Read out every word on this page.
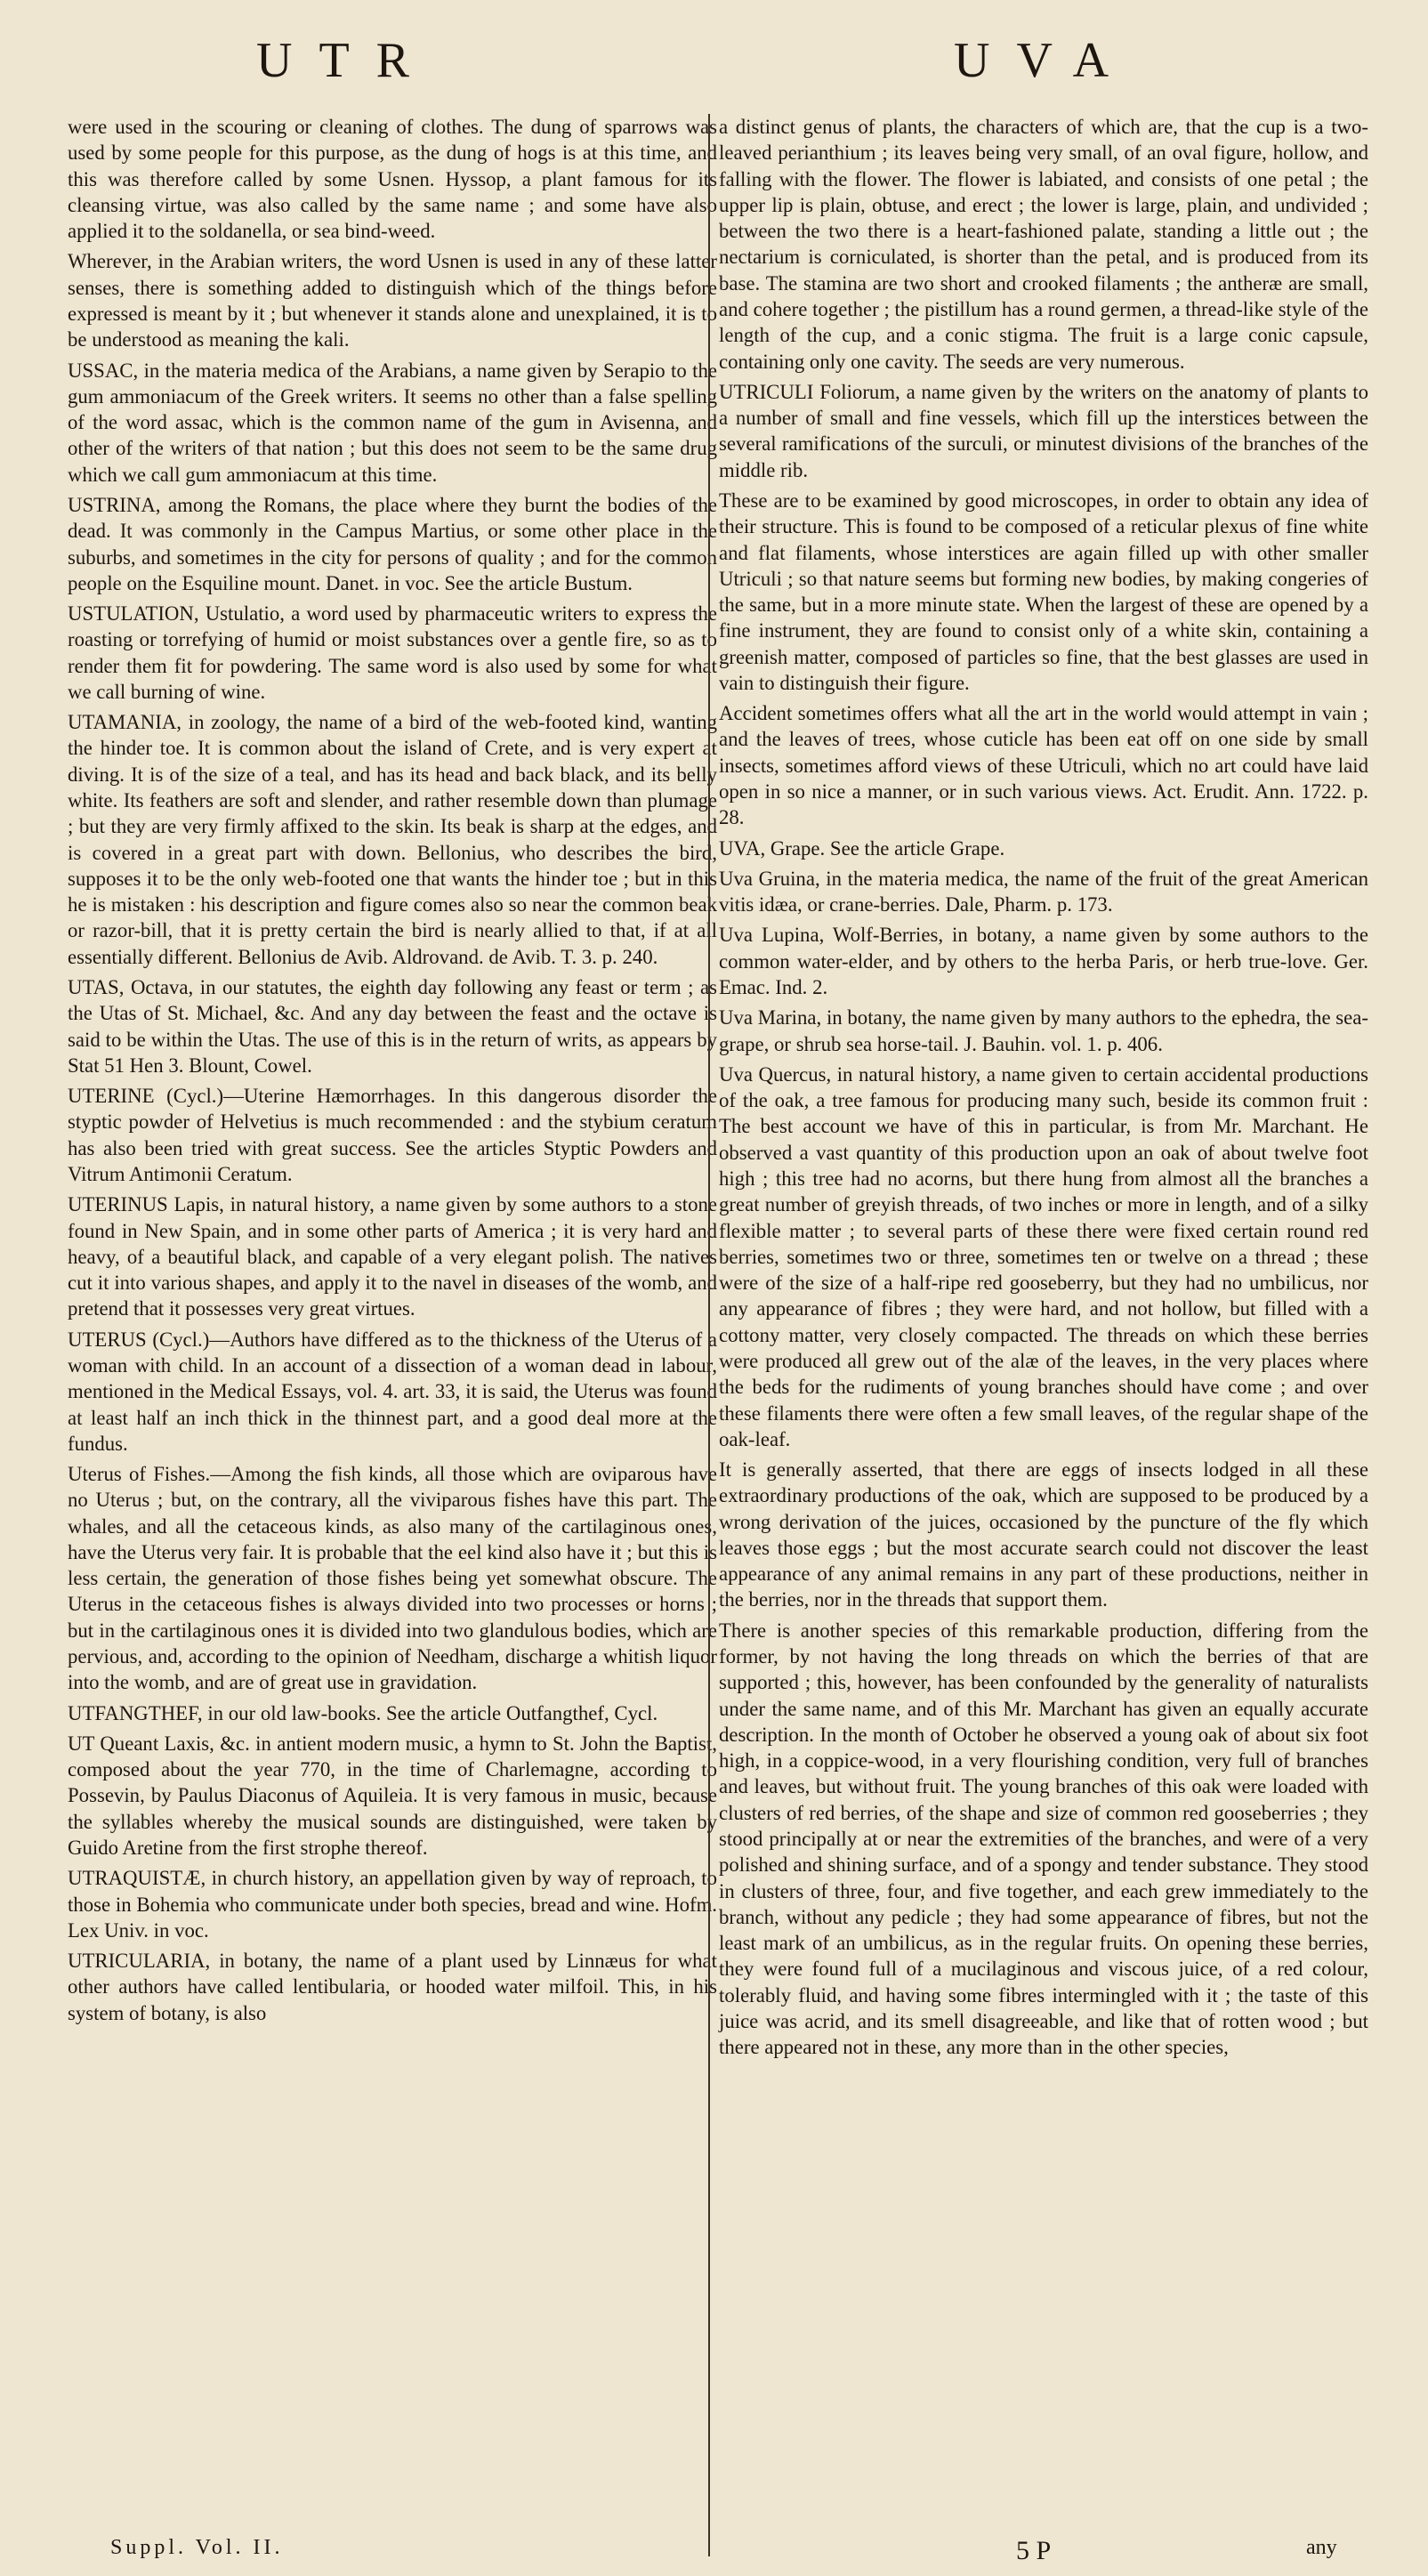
UTR	UVA

were used in the scouring or cleaning of clothes. The dung of sparrows was used by some people for this purpose, as the dung of hogs is at this time, and this was therefore called by some Usnen. Hyssop, a plant famous for its cleansing virtue, was also called by the same name ; and some have also applied it to the soldanella, or sea bind-weed.

Wherever, in the Arabian writers, the word Usnen is used in any of these latter senses, there is something added to distinguish which of the things before expressed is meant by it ; but whenever it stands alone and unexplained, it is to be understood as meaning the kali.

USSAC, in the materia medica of the Arabians, a name given by Serapio to the gum ammoniacum of the Greek writers. It seems no other than a false spelling of the word assac, which is the common name of the gum in Avisenna, and other of the writers of that nation ; but this does not seem to be the same drug which we call gum ammoniacum at this time.

USTRINA, among the Romans, the place where they burnt the bodies of the dead. It was commonly in the Campus Martius, or some other place in the suburbs, and sometimes in the city for persons of quality ; and for the common people on the Esquiline mount. Danet. in voc. See the article Bustum.

USTULATION, Ustulatio, a word used by pharmaceutic writers to express the roasting or torrefying of humid or moist substances over a gentle fire, so as to render them fit for powdering. The same word is also used by some for what we call burning of wine.

UTAMANIA, in zoology, the name of a bird of the web-footed kind, wanting the hinder toe. It is common about the island of Crete, and is very expert at diving. It is of the size of a teal, and has its head and back black, and its belly white. Its feathers are soft and slender, and rather resemble down than plumage ; but they are very firmly affixed to the skin. Its beak is sharp at the edges, and is covered in a great part with down. Bellonius, who describes the bird, supposes it to be the only web-footed one that wants the hinder toe ; but in this he is mistaken : his description and figure comes also so near the common beak or razor-bill, that it is pretty certain the bird is nearly allied to that, if at all essentially different. Bellonius de Avib. Aldrovand. de Avib. T. 3. p. 240.

UTAS, Octava, in our statutes, the eighth day following any feast or term ; as the Utas of St. Michael, &c. And any day between the feast and the octave is said to be within the Utas. The use of this is in the return of writs, as appears by Stat 51 Hen 3. Blount, Cowel.

UTERINE (Cycl.)—Uterine Hæmorrhages. In this dangerous disorder the styptic powder of Helvetius is much recommended : and the stybium ceratum has also been tried with great success. See the articles Styptic Powders and Vitrum Antimonii Ceratum.

UTERINUS Lapis, in natural history, a name given by some authors to a stone found in New Spain, and in some other parts of America ; it is very hard and heavy, of a beautiful black, and capable of a very elegant polish. The natives cut it into various shapes, and apply it to the navel in diseases of the womb, and pretend that it possesses very great virtues.

UTERUS (Cycl.)—Authors have differed as to the thickness of the Uterus of a woman with child. In an account of a dissection of a woman dead in labour, mentioned in the Medical Essays, vol. 4. art. 33, it is said, the Uterus was found at least half an inch thick in the thinnest part, and a good deal more at the fundus.

Uterus of Fishes.—Among the fish kinds, all those which are oviparous have no Uterus ; but, on the contrary, all the viviparous fishes have this part. The whales, and all the cetaceous kinds, as also many of the cartilaginous ones, have the Uterus very fair. It is probable that the eel kind also have it ; but this is less certain, the generation of those fishes being yet somewhat obscure. The Uterus in the cetaceous fishes is always divided into two processes or horns ; but in the cartilaginous ones it is divided into two glandulous bodies, which are pervious, and, according to the opinion of Needham, discharge a whitish liquor into the womb, and are of great use in gravidation.

UTFANGTHEF, in our old law-books. See the article Outfangthef, Cycl.

UT Queant Laxis, &c. in antient modern music, a hymn to St. John the Baptist, composed about the year 770, in the time of Charlemagne, according to Possevin, by Paulus Diaconus of Aquileia. It is very famous in music, because the syllables whereby the musical sounds are distinguished, were taken by Guido Aretine from the first strophe thereof.

UTRAQUISTÆ, in church history, an appellation given by way of reproach, to those in Bohemia who communicate under both species, bread and wine. Hofm. Lex Univ. in voc.

UTRICULARIA, in botany, the name of a plant used by Linnæus for what other authors have called lentibularia, or hooded water milfoil. This, in his system of botany, is also

a distinct genus of plants, the characters of which are, that the cup is a two-leaved perianthium ; its leaves being very small, of an oval figure, hollow, and falling with the flower. The flower is labiated, and consists of one petal ; the upper lip is plain, obtuse, and erect ; the lower is large, plain, and undivided ; between the two there is a heart-fashioned palate, standing a little out ; the nectarium is corniculated, is shorter than the petal, and is produced from its base. The stamina are two short and crooked filaments ; the antheræ are small, and cohere together ; the pistillum has a round germen, a thread-like style of the length of the cup, and a conic stigma. The fruit is a large conic capsule, containing only one cavity. The seeds are very numerous.

UTRICULI Foliorum, a name given by the writers on the anatomy of plants to a number of small and fine vessels, which fill up the interstices between the several ramifications of the surculi, or minutest divisions of the branches of the middle rib.

These are to be examined by good microscopes, in order to obtain any idea of their structure. This is found to be composed of a reticular plexus of fine white and flat filaments, whose interstices are again filled up with other smaller Utriculi ; so that nature seems but forming new bodies, by making congeries of the same, but in a more minute state. When the largest of these are opened by a fine instrument, they are found to consist only of a white skin, containing a greenish matter, composed of particles so fine, that the best glasses are used in vain to distinguish their figure.

Accident sometimes offers what all the art in the world would attempt in vain ; and the leaves of trees, whose cuticle has been eat off on one side by small insects, sometimes afford views of these Utriculi, which no art could have laid open in so nice a manner, or in such various views. Act. Erudit. Ann. 1722. p. 28.

UVA, Grape. See the article Grape.

Uva Gruina, in the materia medica, the name of the fruit of the great American vitis idæa, or crane-berries. Dale, Pharm. p. 173.

Uva Lupina, Wolf-Berries, in botany, a name given by some authors to the common water-elder, and by others to the herba Paris, or herb true-love. Ger. Emac. Ind. 2.

Uva Marina, in botany, the name given by many authors to the ephedra, the sea-grape, or shrub sea horse-tail. J. Bauhin. vol. 1. p. 406.

Uva Quercus, in natural history, a name given to certain accidental productions of the oak, a tree famous for producing many such, beside its common fruit : The best account we have of this in particular, is from Mr. Marchant. He observed a vast quantity of this production upon an oak of about twelve foot high ; this tree had no acorns, but there hung from almost all the branches a great number of greyish threads, of two inches or more in length, and of a silky flexible matter ; to several parts of these there were fixed certain round red berries, sometimes two or three, sometimes ten or twelve on a thread ; these were of the size of a half-ripe red gooseberry, but they had no umbilicus, nor any appearance of fibres ; they were hard, and not hollow, but filled with a cottony matter, very closely compacted. The threads on which these berries were produced all grew out of the alæ of the leaves, in the very places where the beds for the rudiments of young branches should have come ; and over these filaments there were often a few small leaves, of the regular shape of the oak-leaf.

It is generally asserted, that there are eggs of insects lodged in all these extraordinary productions of the oak, which are supposed to be produced by a wrong derivation of the juices, occasioned by the puncture of the fly which leaves those eggs ; but the most accurate search could not discover the least appearance of any animal remains in any part of these productions, neither in the berries, nor in the threads that support them.

There is another species of this remarkable production, differing from the former, by not having the long threads on which the berries of that are supported ; this, however, has been confounded by the generality of naturalists under the same name, and of this Mr. Marchant has given an equally accurate description. In the month of October he observed a young oak of about six foot high, in a coppice-wood, in a very flourishing condition, very full of branches and leaves, but without fruit. The young branches of this oak were loaded with clusters of red berries, of the shape and size of common red gooseberries ; they stood principally at or near the extremities of the branches, and were of a very polished and shining surface, and of a spongy and tender substance. They stood in clusters of three, four, and five together, and each grew immediately to the branch, without any pedicle ; they had some appearance of fibres, but not the least mark of an umbilicus, as in the regular fruits. On opening these berries, they were found full of a mucilaginous and viscous juice, of a red colour, tolerably fluid, and having some fibres intermingled with it ; the taste of this juice was acrid, and its smell disagreeable, and like that of rotten wood ; but there appeared not in these, any more than in the other species,

Suppl. Vol. II.	5 P	any
